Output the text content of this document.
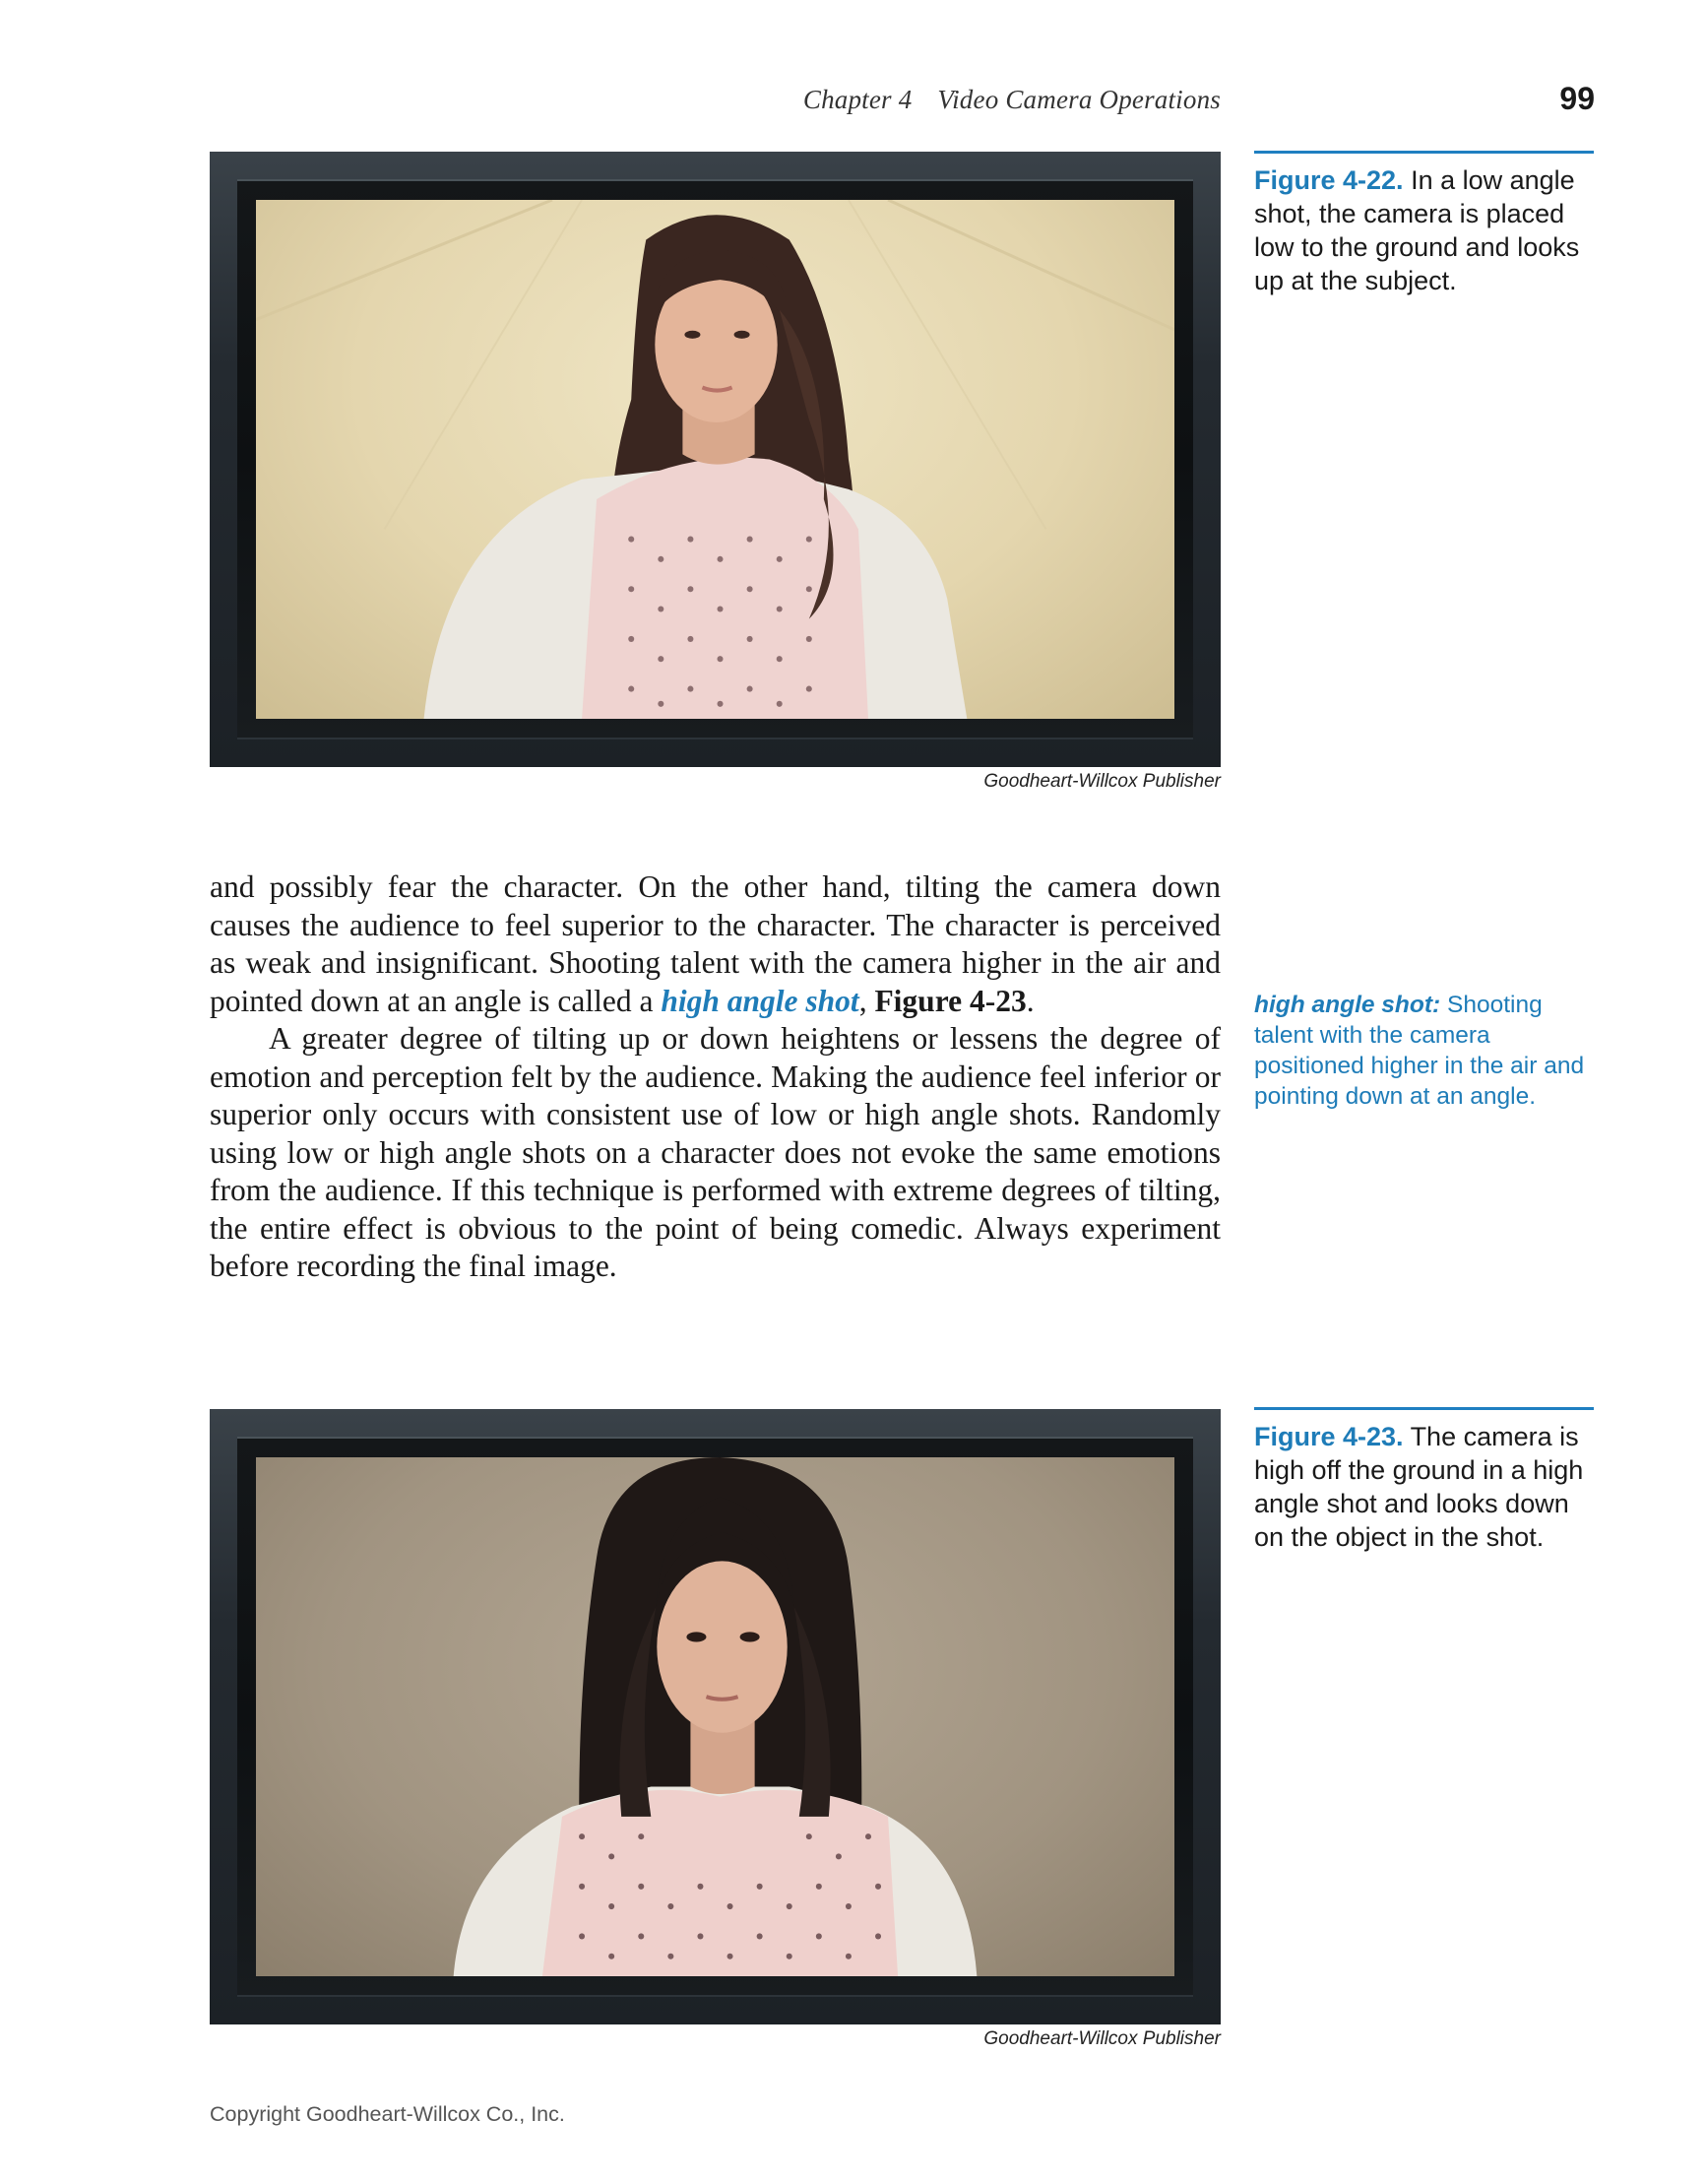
Chapter 4 Video Camera Operations	99
Goodheart-Willcox Publisher
Figure 4-22. In a low angle shot, the camera is placed low to the ground and looks up at the subject.

and possibly fear the character. On the other hand, tilting the camera down causes the audience to feel superior to the character. The character is perceived as weak and insignificant. Shooting talent with the camera higher in the air and pointed down at an angle is called a high angle shot, Figure 4-23.

A greater degree of tilting up or down heightens or lessens the degree of emotion and perception felt by the audience. Making the audience feel inferior or superior only occurs with consistent use of low or high angle shots. Randomly using low or high angle shots on a character does not evoke the same emotions from the audience. If this technique is performed with extreme degrees of tilting, the entire effect is obvious to the point of being comedic. Always experiment before recording the final image.

high angle shot: Shooting talent with the camera positioned higher in the air and pointing down at an angle.
Goodheart-Willcox Publisher
Figure 4-23. The camera is high off the ground in a high angle shot and looks down on the object in the shot.
Copyright Goodheart-Willcox Co., Inc.
